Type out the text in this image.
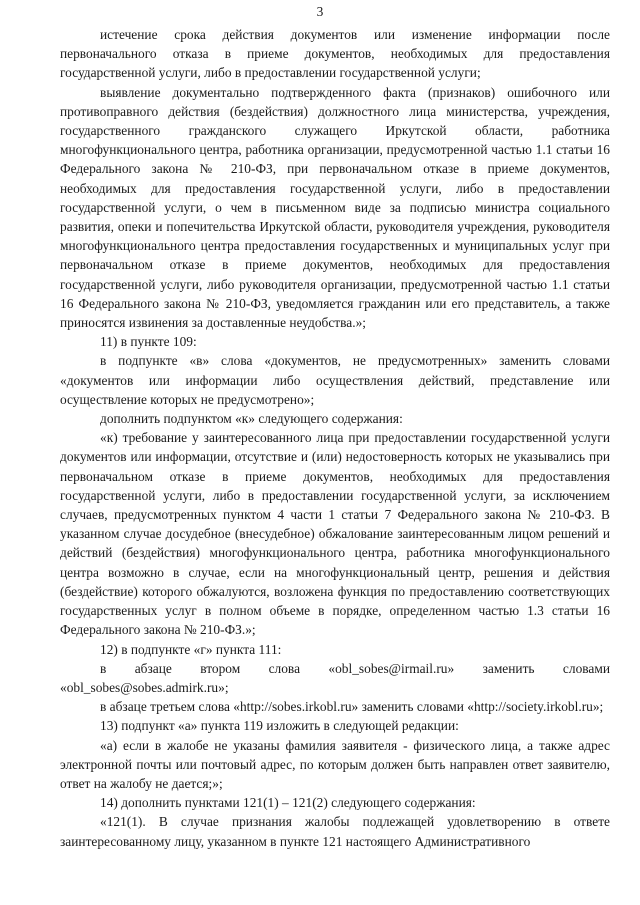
3

истечение срока действия документов или изменение информации после первоначального отказа в приеме документов, необходимых для предоставления государственной услуги, либо в предоставлении государственной услуги;

выявление документально подтвержденного факта (признаков) ошибочного или противоправного действия (бездействия) должностного лица министерства, учреждения, государственного гражданского служащего Иркутской области, работника многофункционального центра, работника организации, предусмотренной частью 1.1 статьи 16 Федерального закона № 210-ФЗ, при первоначальном отказе в приеме документов, необходимых для предоставления государственной услуги, либо в предоставлении государственной услуги, о чем в письменном виде за подписью министра социального развития, опеки и попечительства Иркутской области, руководителя учреждения, руководителя многофункционального центра предоставления государственных и муниципальных услуг при первоначальном отказе в приеме документов, необходимых для предоставления государственной услуги, либо руководителя организации, предусмотренной частью 1.1 статьи 16 Федерального закона № 210-ФЗ, уведомляется гражданин или его представитель, а также приносятся извинения за доставленные неудобства.»;

11) в пункте 109:

в подпункте «в» слова «документов, не предусмотренных» заменить словами «документов или информации либо осуществления действий, представление или осуществление которых не предусмотрено»;

дополнить подпунктом «к» следующего содержания:

«к) требование у заинтересованного лица при предоставлении государственной услуги документов или информации, отсутствие и (или) недостоверность которых не указывались при первоначальном отказе в приеме документов, необходимых для предоставления государственной услуги, либо в предоставлении государственной услуги, за исключением случаев, предусмотренных пунктом 4 части 1 статьи 7 Федерального закона № 210-ФЗ. В указанном случае досудебное (внесудебное) обжалование заинтересованным лицом решений и действий (бездействия) многофункционального центра, работника многофункционального центра возможно в случае, если на многофункциональный центр, решения и действия (бездействие) которого обжалуются, возложена функция по предоставлению соответствующих государственных услуг в полном объеме в порядке, определенном частью 1.3 статьи 16 Федерального закона № 210-ФЗ.»;

12) в подпункте «г» пункта 111:

в абзаце втором слова «obl_sobes@irmail.ru» заменить словами «obl_sobes@sobes.admirk.ru»;

в абзаце третьем слова «http://sobes.irkobl.ru» заменить словами «http://society.irkobl.ru»;

13) подпункт «а» пункта 119 изложить в следующей редакции:

«а) если в жалобе не указаны фамилия заявителя - физического лица, а также адрес электронной почты или почтовый адрес, по которым должен быть направлен ответ заявителю, ответ на жалобу не дается;»;

14) дополнить пунктами 121(1) – 121(2) следующего содержания:

«121(1). В случае признания жалобы подлежащей удовлетворению в ответе заинтересованному лицу, указанном в пункте 121 настоящего Административного
